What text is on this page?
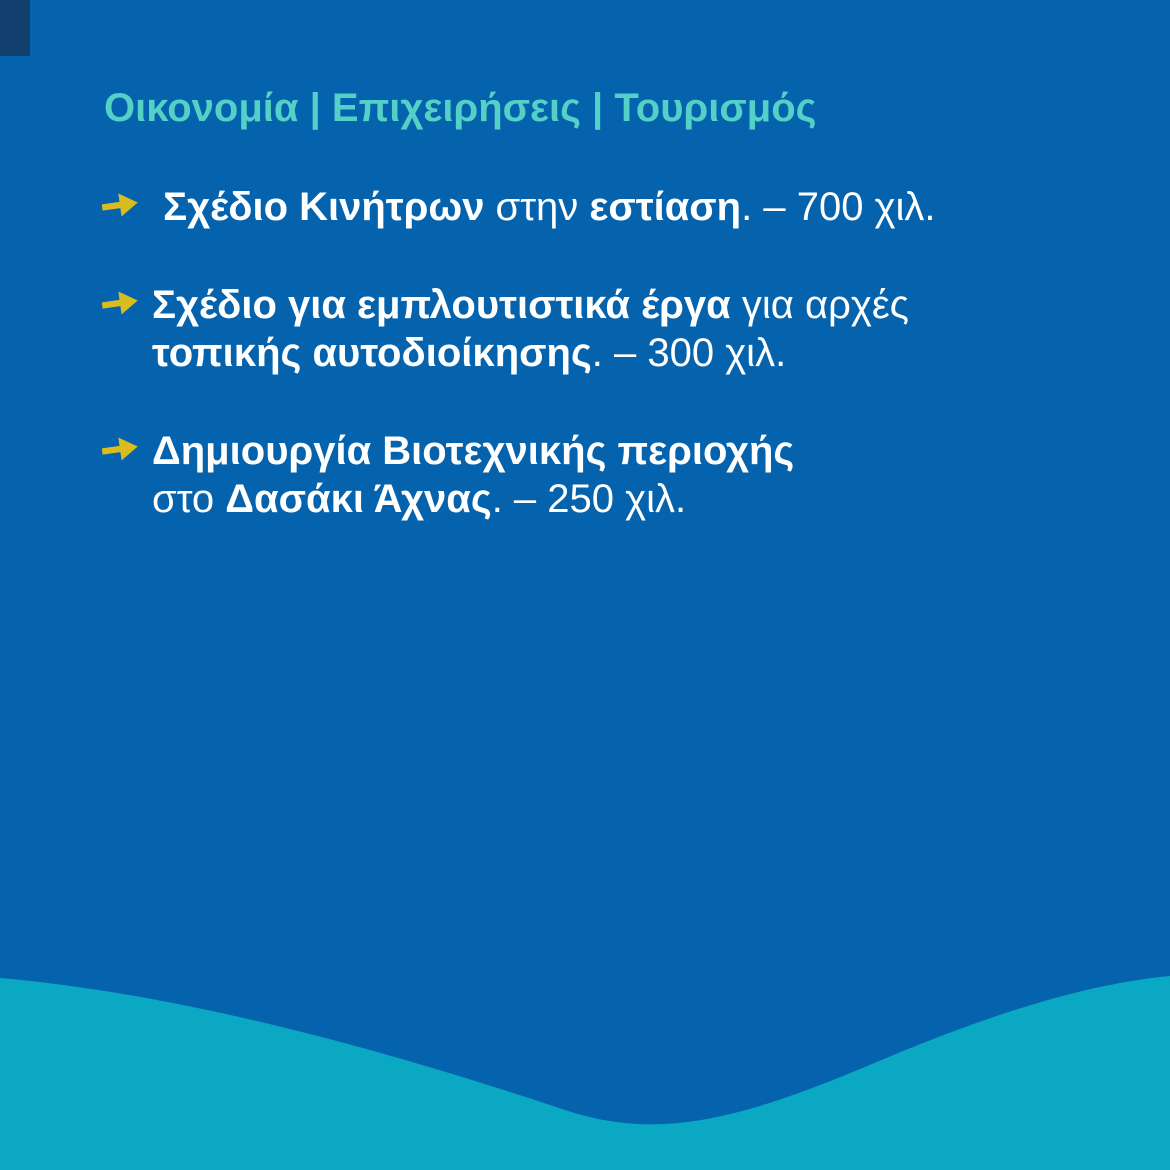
Οικονομία | Επιχειρήσεις | Τουρισμός
Σχέδιο Κινήτρων στην εστίαση. – 700 χιλ.
Σχέδιο για εμπλουτιστικά έργα για αρχές
τοπικής αυτοδιοίκησης. – 300 χιλ.
Δημιουργία Βιοτεχνικής περιοχής
στο Δασάκι Άχνας. – 250 χιλ.
